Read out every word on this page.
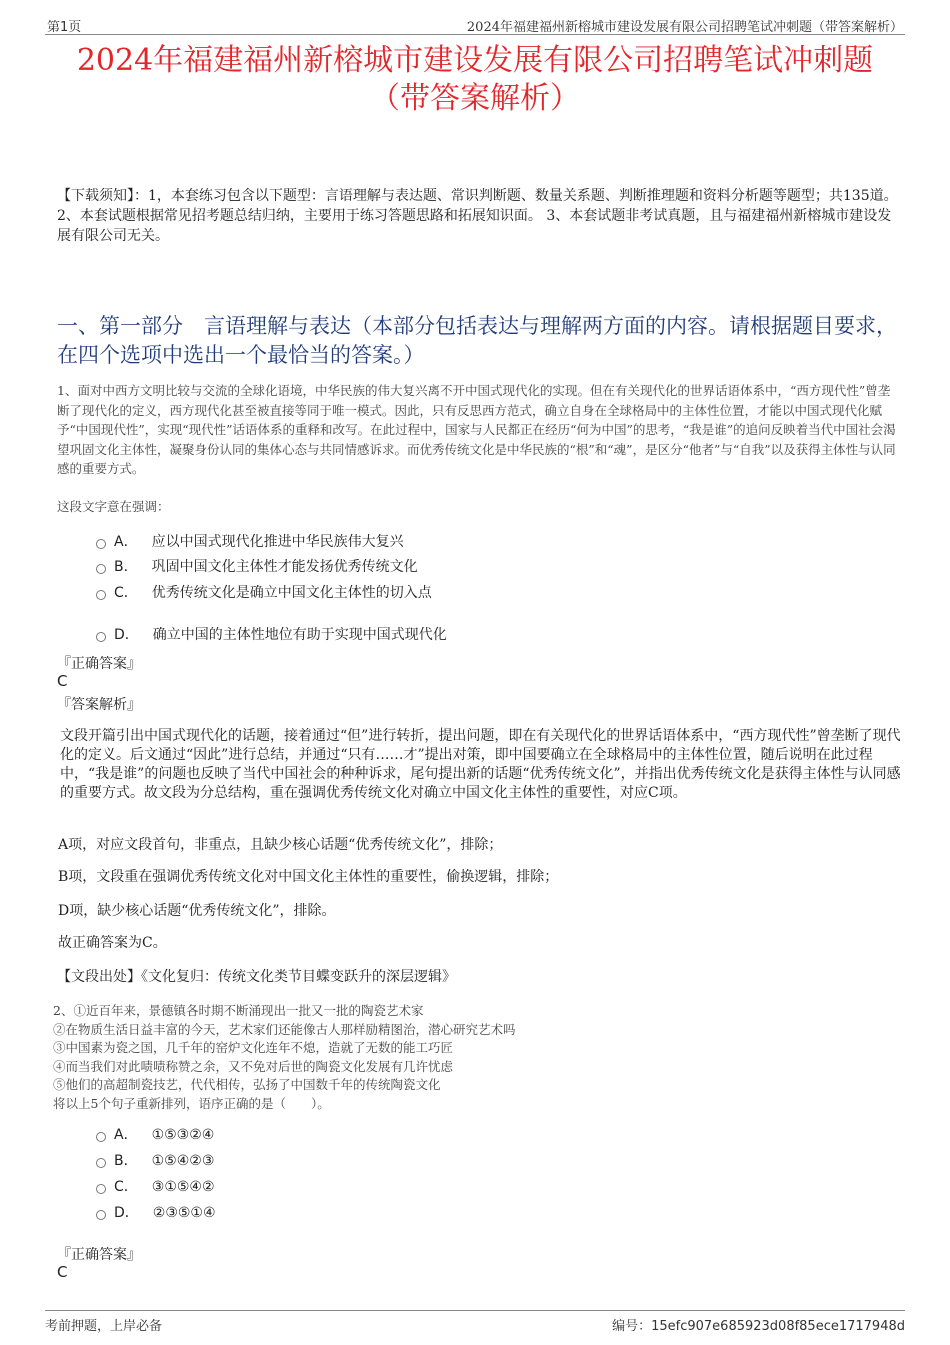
第1页	2024年福建福州新榕城市建设发展有限公司招聘笔试冲刺题（带答案解析）
2024年福建福州新榕城市建设发展有限公司招聘笔试冲刺题
（带答案解析）
【下载须知】：1，本套练习包含以下题型：言语理解与表达题、常识判断题、数量关系题、判断推理题和资料分析题等题型；共135道。 2、本套试题根据常见招考题总结归纳，主要用于练习答题思路和拓展知识面。 3、本套试题非考试真题，且与福建福州新榕城市建设发展有限公司无关。
一、第一部分　言语理解与表达（本部分包括表达与理解两方面的内容。请根据题目要求，在四个选项中选出一个最恰当的答案。）
1、面对中西方文明比较与交流的全球化语境，中华民族的伟大复兴离不开中国式现代化的实现。但在有关现代化的世界话语体系中，“西方现代性”曾垄断了现代化的定义，西方现代化甚至被直接等同于唯一模式。因此，只有反思西方范式，确立自身在全球格局中的主体性位置，才能以中国式现代化赋予“中国现代性”，实现“现代性”话语体系的重释和改写。在此过程中，国家与人民都正在经历“何为中国”的思考，“我是谁”的追问反映着当代中国社会渴望巩固文化主体性，凝聚身份认同的集体心态与共同情感诉求。而优秀传统文化是中华民族的“根”和“魂”，是区分“他者”与“自我”以及获得主体性与认同感的重要方式。
这段文字意在强调：
A． 应以中国式现代化推进中华民族伟大复兴
B． 巩固中国文化主体性才能发扬优秀传统文化
C． 优秀传统文化是确立中国文化主体性的切入点
D． 确立中国的主体性地位有助于实现中国式现代化
『正确答案』
C
『答案解析』
文段开篇引出中国式现代化的话题，接着通过“但”进行转折，提出问题，即在有关现代化的世界话语体系中，“西方现代性”曾垄断了现代化的定义。后文通过“因此”进行总结，并通过“只有……才”提出对策，即中国要确立在全球格局中的主体性位置，随后说明在此过程中，“我是谁”的问题也反映了当代中国社会的种种诉求，尾句提出新的话题“优秀传统文化”，并指出优秀传统文化是获得主体性与认同感的重要方式。故文段为分总结构，重在强调优秀传统文化对确立中国文化主体性的重要性，对应C项。
A项，对应文段首句，非重点，且缺少核心话题“优秀传统文化”，排除；
B项，文段重在强调优秀传统文化对中国文化主体性的重要性，偷换逻辑，排除；
D项，缺少核心话题“优秀传统文化”，排除。
故正确答案为C。
【文段出处】《文化复归：传统文化类节目蝶变跃升的深层逻辑》
2、①近百年来，景德镇各时期不断涌现出一批又一批的陶瓷艺术家
②在物质生活日益丰富的今天，艺术家们还能像古人那样励精图治，潜心研究艺术吗
③中国素为瓷之国，几千年的窑炉文化连年不熄，造就了无数的能工巧匠
④而当我们对此啧啧称赞之余，又不免对后世的陶瓷文化发展有几许忧虑
⑤他们的高超制瓷技艺，代代相传，弘扬了中国数千年的传统陶瓷文化
将以上5个句子重新排列，语序正确的是（　　）。
A． ①⑤③②④
B． ①⑤④②③
C． ③①⑤④②
D． ②③⑤①④
『正确答案』
C
考前押题，上岸必备	编号：15efc907e685923d08f85ece1717948d
